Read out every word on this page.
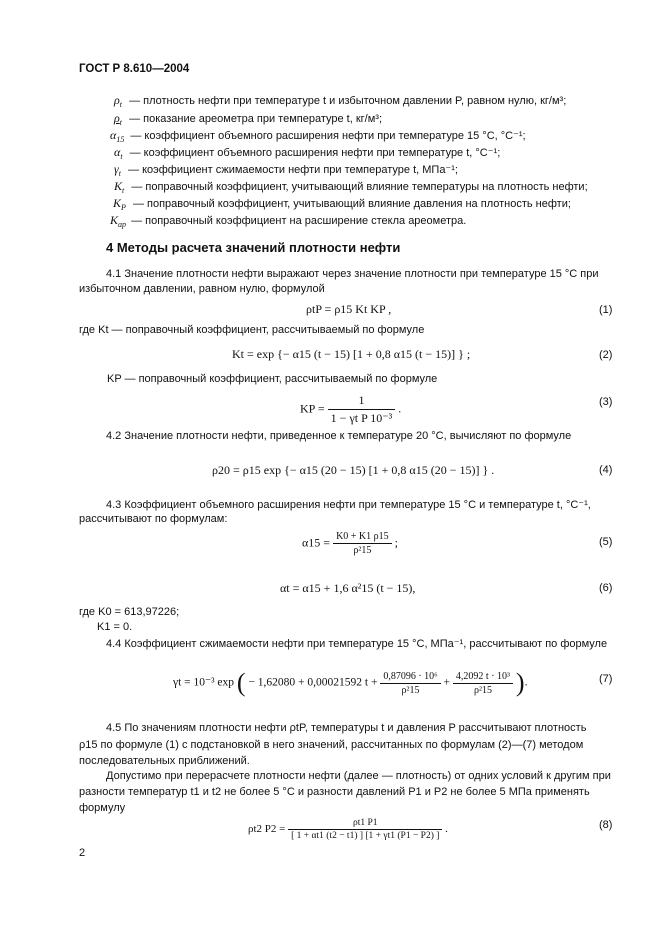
ГОСТ Р 8.610—2004
$\rho_t$ — плотность нефти при температуре t и избыточном давлении P, равном нулю, кг/м³;
$\rho_t$ — показание ареометра при температуре t, кг/м³;
$\alpha_{15}$ — коэффициент объемного расширения нефти при температуре 15 °С, °С⁻¹;
$\alpha_t$ — коэффициент объемного расширения нефти при температуре t, °С⁻¹;
$\gamma_t$ — коэффициент сжимаемости нефти при температуре t, МПа⁻¹;
$K_t$ — поправочный коэффициент, учитывающий влияние температуры на плотность нефти;
$K_P$ — поправочный коэффициент, учитывающий влияние давления на плотность нефти;
$K_{ар}$ — поправочный коэффициент на расширение стекла ареометра.
4 Методы расчета значений плотности нефти
4.1 Значение плотности нефти выражают через значение плотности при температуре 15 °С при
избыточном давлении, равном нулю, формулой
ρtP = ρ15 Kt KP ,	(1)
где Kt — поправочный коэффициент, рассчитываемый по формуле
Kt = exp {− α15 (t − 15) [1 + 0,8 α15 (t − 15)] } ;	(2)
KP — поправочный коэффициент, рассчитываемый по формуле
KP = $\frac{1}{\text{1 − γt P 10⁻³}}$ .	(3)
4.2 Значение плотности нефти, приведенное к температуре 20 °С, вычисляют по формуле
ρ20 = ρ15 exp {− α15 (20 − 15) [1 + 0,8 α15 (20 − 15)] } .	(4)
4.3 Коэффициент объемного расширения нефти при температуре 15 °С и температуре t, °С⁻¹,
рассчитывают по формулам:
$\alpha 15 = \frac{K0 + K1 \rho 15}{\text{ρ²15}}$ ;	(5)
αt = α15 + 1,6 α²15 (t − 15),	(6)
где K0 = 613,97226;
K1 = 0.
4.4 Коэффициент сжимаемости нефти при температуре 15 °С, МПа⁻¹, рассчитывают по формуле
γt = 10⁻³ exp ( − 1,62080 + 0,00021592 $t + \frac{\text{0,87096 · 10⁶}}{\text{ρ²15}} + \frac{\text{4,2092 t · 10³}}{\text{ρ²15}}$ ).	(7)
4.5 По значениям плотности нефти ρtP, температуры t и давления P рассчитывают плотность
ρ15 по формуле (1) с подстановкой в него значений, рассчитанных по формулам (2)—(7) методом
последовательных приближений.
Допустимо при перерасчете плотности нефти (далее — плотность) от одних условий к другим при
разности температур t1 и t2 не более 5 °С и разности давлений P1 и P2 не более 5 МПа применять
формулу
ρt2 $P2 = \frac{\rho t1 P1}{[ 1 + \alpha t1 (t2 - t1) ] [1 + \gamma t1 (P1 - P2) ]}$ .	(8)
2
